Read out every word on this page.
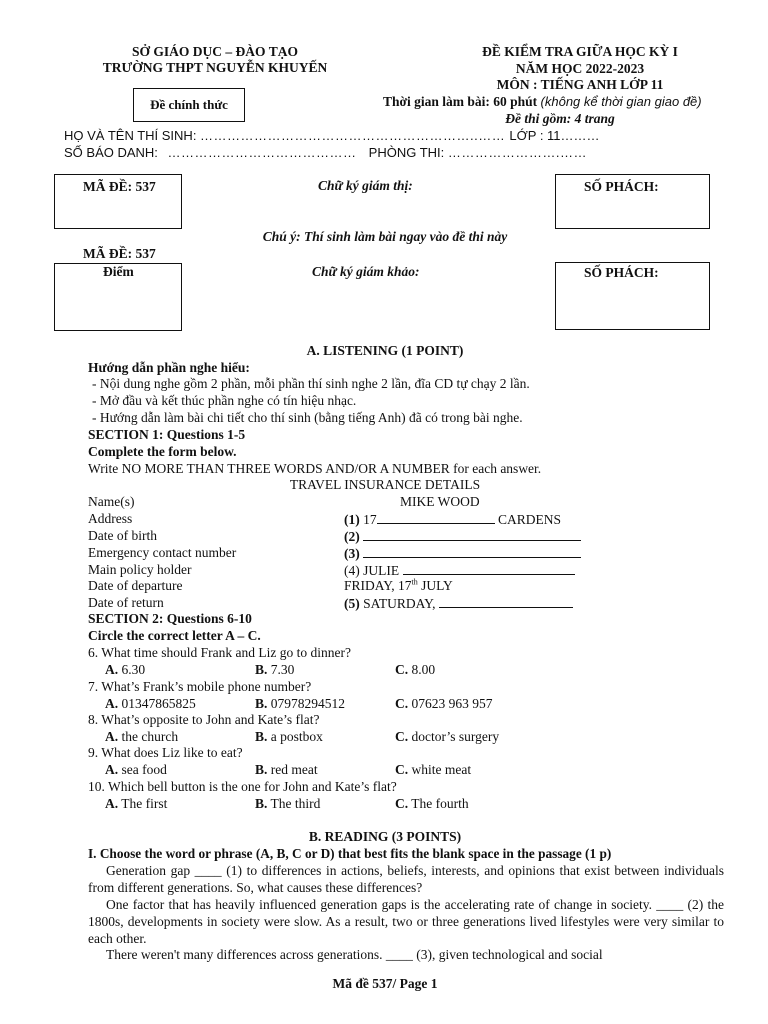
SỞ GIÁO DỤC – ĐÀO TẠO
TRƯỜNG THPT NGUYỄN KHUYẾN
Đề chính thức
ĐỀ KIỂM TRA GIỮA HỌC KỲ I
NĂM HỌC 2022-2023
MÔN : TIẾNG ANH LỚP 11
Thời gian làm bài: 60 phút (không kể thời gian giao đề)
Đề thi gồm: 4 trang
HỌ VÀ TÊN THÍ SINH: ……………………………………………………..…… LỚP : 11………
SỐ BÁO DANH: …………………………………… PHÒNG THI: …………………….……
MÃ ĐỀ: 537	Chữ ký giám thị:	SỐ PHÁCH:
Chú ý: Thí sinh làm bài ngay vào đề thi này
MÃ ĐỀ: 537
Điểm	Chữ ký giám khảo:	SỐ PHÁCH:
A. LISTENING (1 POINT)
Hướng dẫn phần nghe hiểu:
- Nội dung nghe gồm 2 phần, mỗi phần thí sinh nghe 2 lần, đĩa CD tự chạy 2 lần.
- Mở đầu và kết thúc phần nghe có tín hiệu nhạc.
- Hướng dẫn làm bài chi tiết cho thí sinh (bằng tiếng Anh) đã có trong bài nghe.
SECTION 1: Questions 1-5
Complete the form below.
Write NO MORE THAN THREE WORDS AND/OR A NUMBER for each answer.
TRAVEL INSURANCE DETAILS
Name(s)	MIKE WOOD
Address	(1) 17	CARDENS
Date of birth	(2)
Emergency contact number	(3)
Main policy holder	(4) JULIE
Date of departure	FRIDAY, 17th JULY
Date of return	(5) SATURDAY,
SECTION 2: Questions 6-10
Circle the correct letter A – C.
6. What time should Frank and Liz go to dinner?
A. 6.30	B. 7.30	C. 8.00
7. What’s Frank’s mobile phone number?
A. 01347865825	B. 07978294512	C. 07623 963 957
8. What’s opposite to John and Kate’s flat?
A. the church	B. a postbox	C. doctor’s surgery
9. What does Liz like to eat?
A. sea food	B. red meat	C. white meat
10. Which bell button is the one for John and Kate’s flat?
A. The first	B. The third	C. The fourth
B. READING (3 POINTS)
I. Choose the word or phrase (A, B, C or D) that best fits the blank space in the passage (1 p)
Generation gap ____ (1) to differences in actions, beliefs, interests, and opinions that exist between individuals from different generations. So, what causes these differences?
One factor that has heavily influenced generation gaps is the accelerating rate of change in society. ____ (2) the 1800s, developments in society were slow. As a result, two or three generations lived lifestyles were very similar to each other.
There weren't many differences across generations. ____ (3), given technological and social
Mã đề 537/ Page 1
